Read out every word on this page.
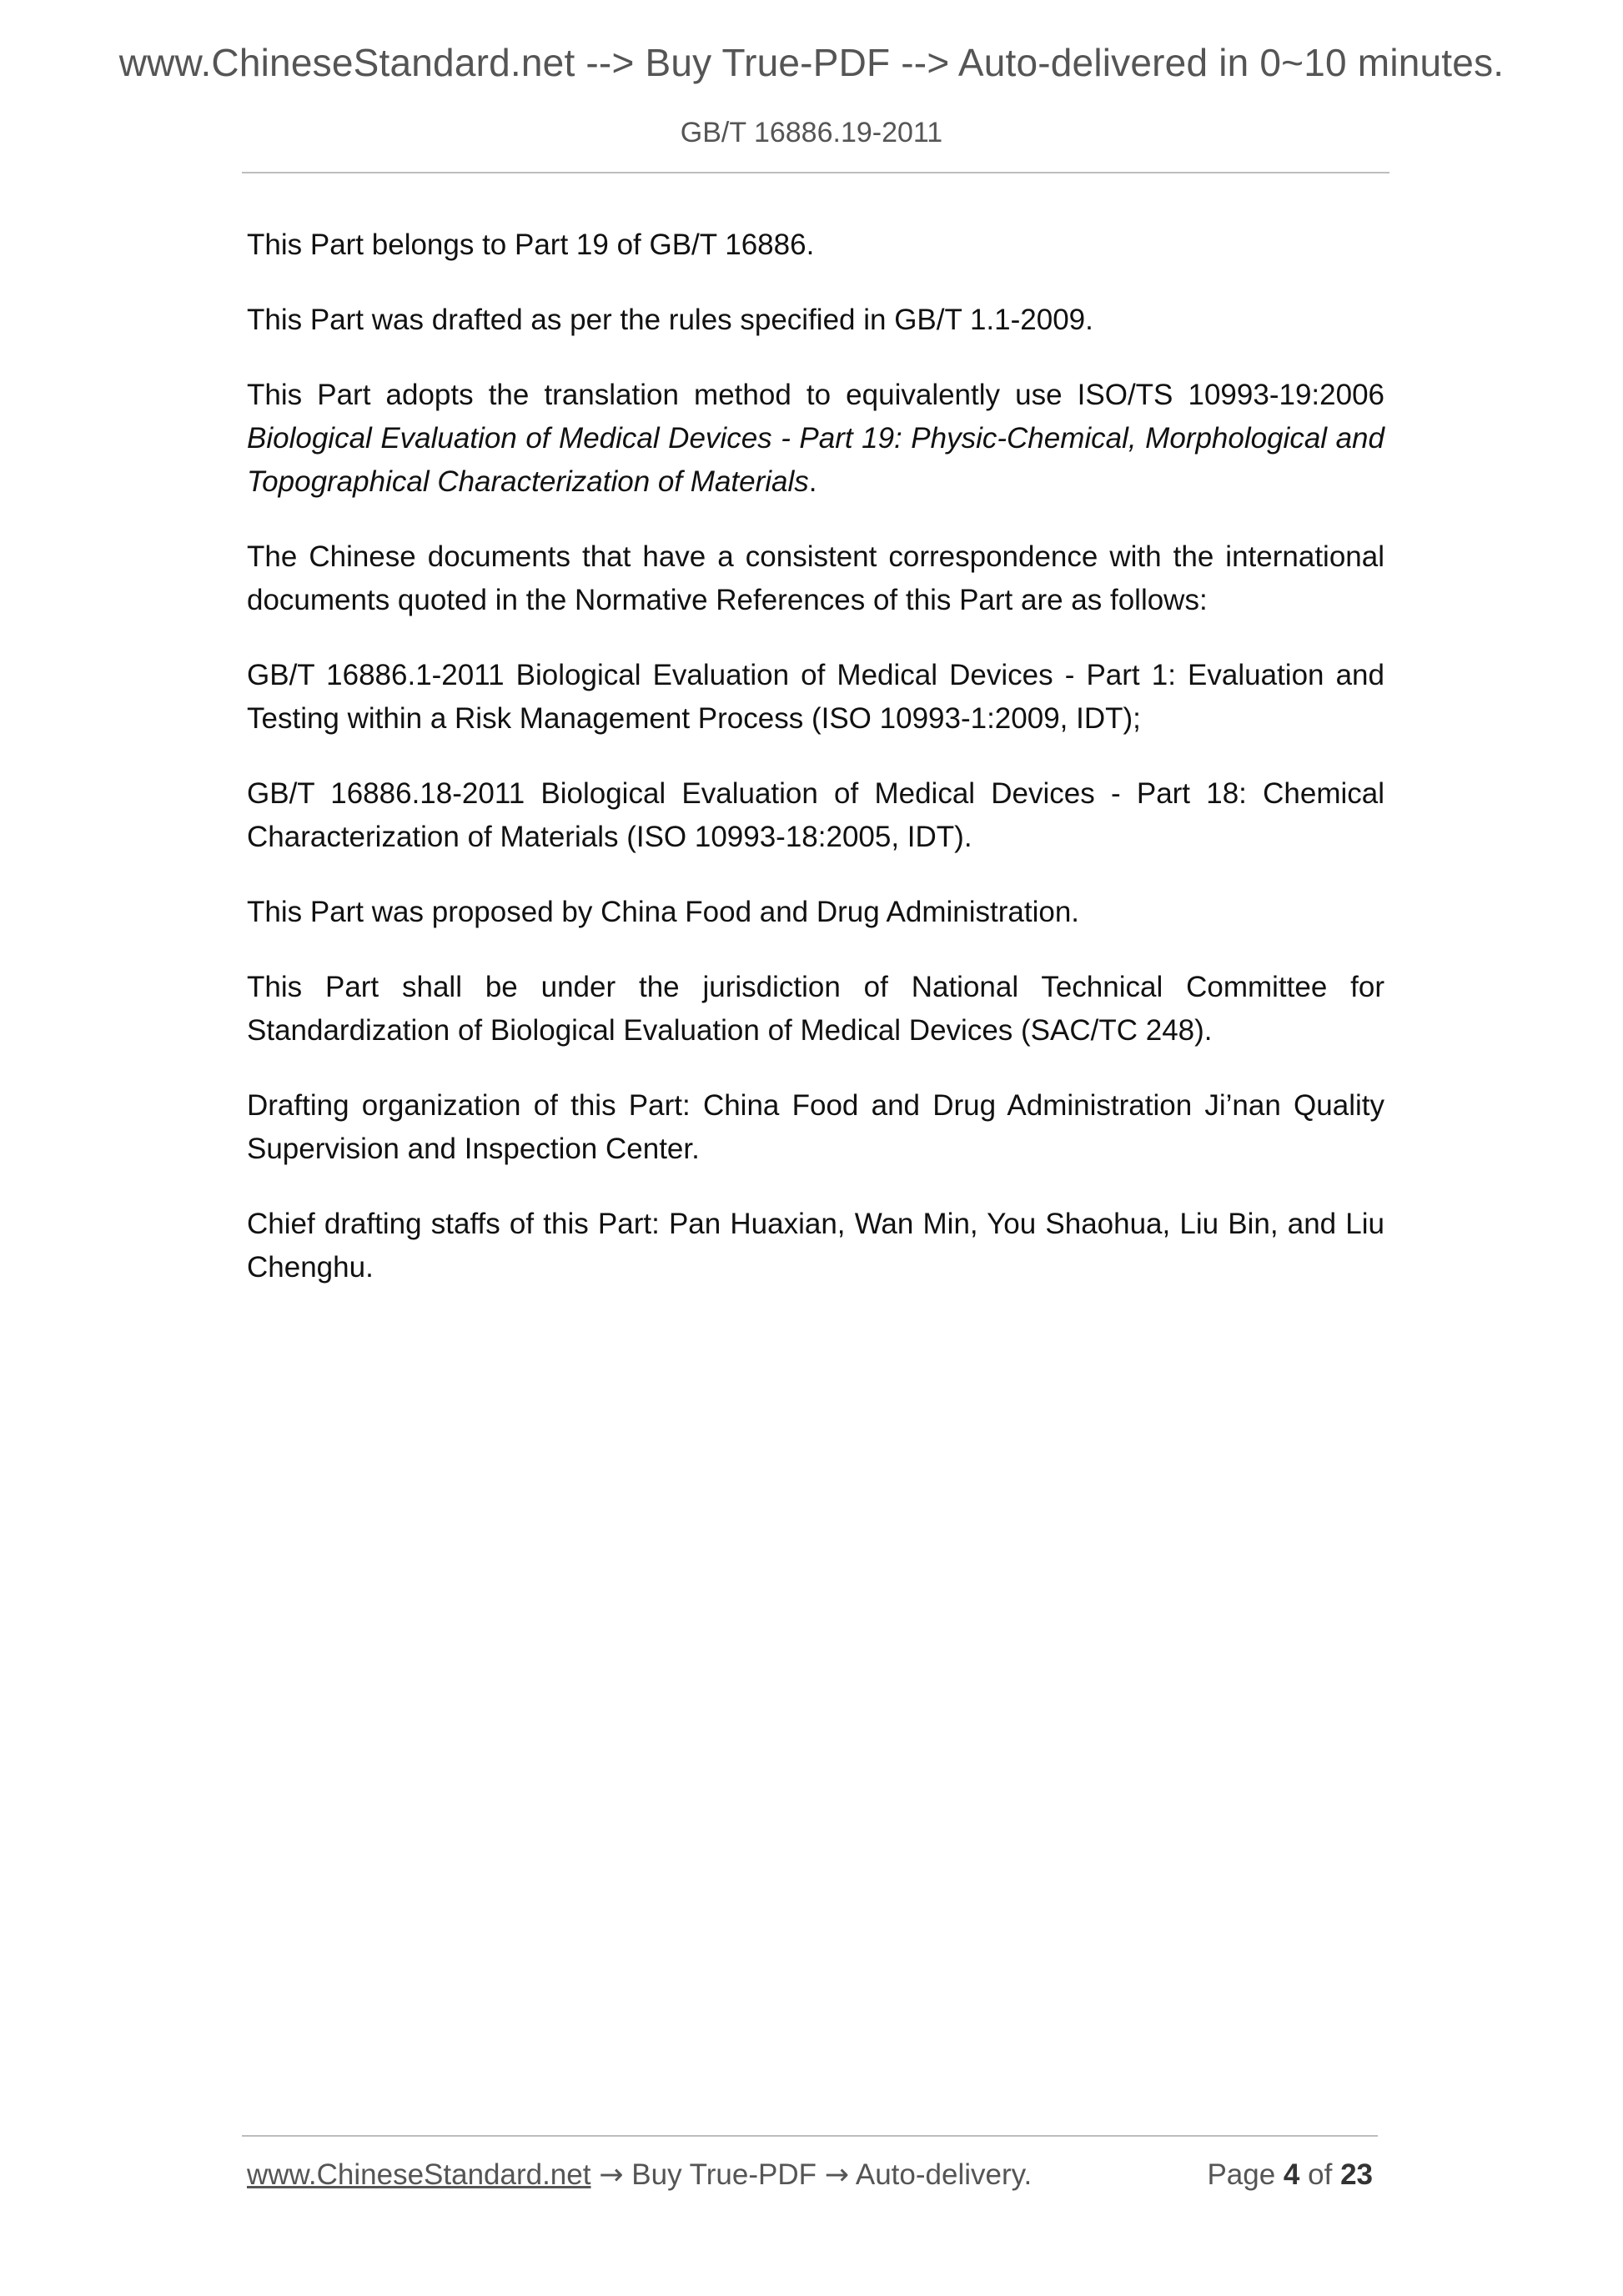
www.ChineseStandard.net --> Buy True-PDF --> Auto-delivered in 0~10 minutes.
GB/T 16886.19-2011

This Part belongs to Part 19 of GB/T 16886.

This Part was drafted as per the rules specified in GB/T 1.1-2009.

This Part adopts the translation method to equivalently use ISO/TS 10993-19:2006 Biological Evaluation of Medical Devices - Part 19: Physic-Chemical, Morphological and Topographical Characterization of Materials.

The Chinese documents that have a consistent correspondence with the international documents quoted in the Normative References of this Part are as follows:

GB/T 16886.1-2011 Biological Evaluation of Medical Devices - Part 1: Evaluation and Testing within a Risk Management Process (ISO 10993-1:2009, IDT);

GB/T 16886.18-2011 Biological Evaluation of Medical Devices - Part 18: Chemical Characterization of Materials (ISO 10993-18:2005, IDT).

This Part was proposed by China Food and Drug Administration.

This Part shall be under the jurisdiction of National Technical Committee for Standardization of Biological Evaluation of Medical Devices (SAC/TC 248).

Drafting organization of this Part: China Food and Drug Administration Ji’nan Quality Supervision and Inspection Center.

Chief drafting staffs of this Part: Pan Huaxian, Wan Min, You Shaohua, Liu Bin, and Liu Chenghu.

www.ChineseStandard.net → Buy True-PDF → Auto-delivery.	Page 4 of 23
